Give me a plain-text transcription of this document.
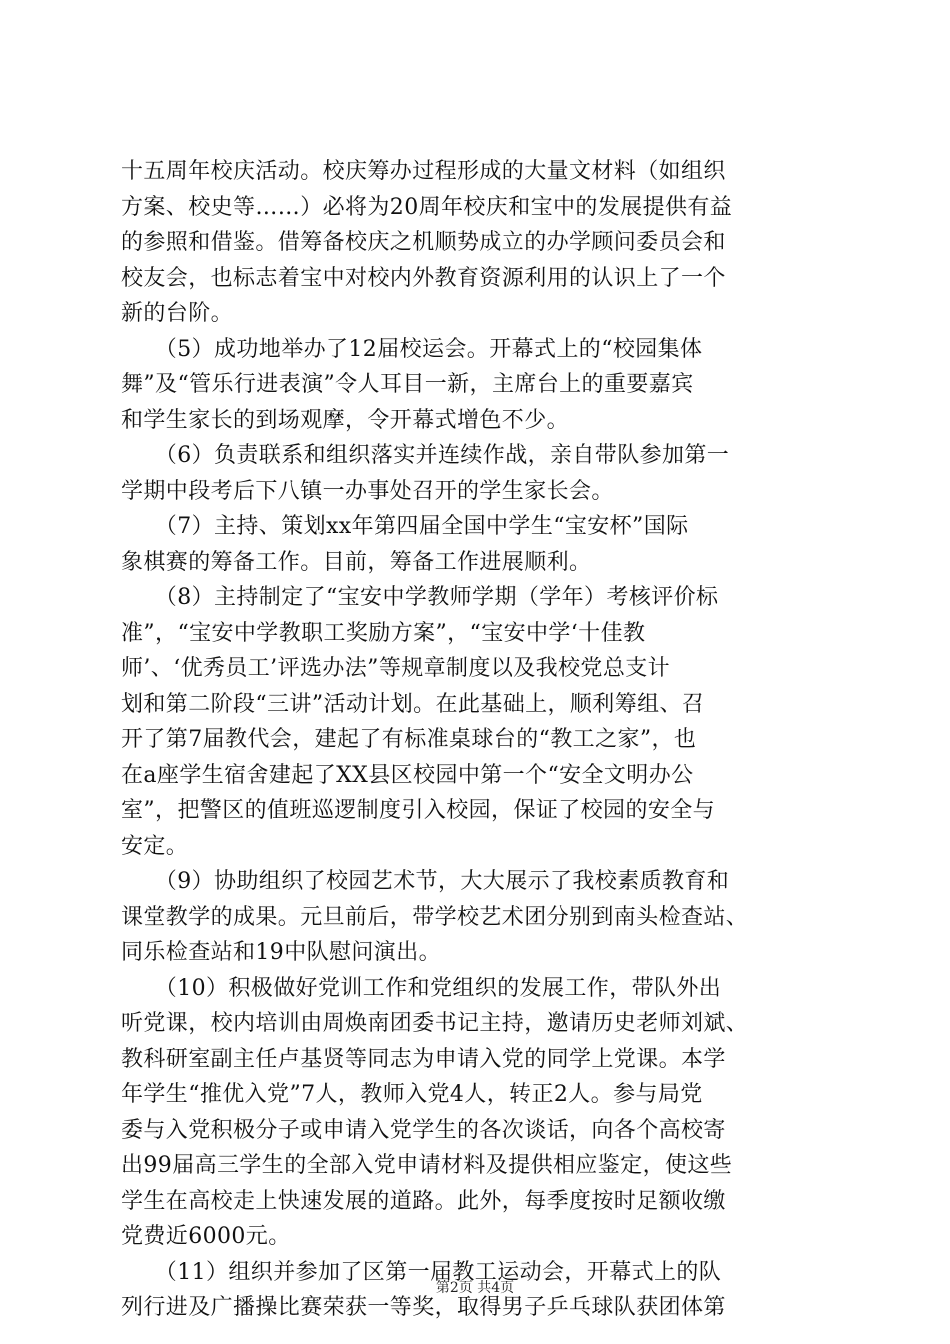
十五周年校庆活动。校庆筹办过程形成的大量文材料（如组织
方案、校史等……）必将为20周年校庆和宝中的发展提供有益
的参照和借鉴。借筹备校庆之机顺势成立的办学顾问委员会和
校友会，也标志着宝中对校内外教育资源利用的认识上了一个
新的台阶。
　　（5）成功地举办了12届校运会。开幕式上的“校园集体
舞”及“管乐行进表演”令人耳目一新，主席台上的重要嘉宾
和学生家长的到场观摩，令开幕式增色不少。
　　（6）负责联系和组织落实并连续作战，亲自带队参加第一
学期中段考后下八镇一办事处召开的学生家长会。
　　（7）主持、策划xx年第四届全国中学生“宝安杯”国际
象棋赛的筹备工作。目前，筹备工作进展顺利。
　　（8）主持制定了“宝安中学教师学期（学年）考核评价标
准”，“宝安中学教职工奖励方案”，“宝安中学‘十佳教
师’、‘优秀员工’评选办法”等规章制度以及我校党总支计
划和第二阶段“三讲”活动计划。在此基础上，顺利筹组、召
开了第7届教代会，建起了有标准桌球台的“教工之家”，也
在a座学生宿舍建起了XX县区校园中第一个“安全文明办公
室”，把警区的值班巡逻制度引入校园，保证了校园的安全与
安定。
　　（9）协助组织了校园艺术节，大大展示了我校素质教育和
课堂教学的成果。元旦前后，带学校艺术团分别到南头检查站、
同乐检查站和19中队慰问演出。
　　（10）积极做好党训工作和党组织的发展工作，带队外出
听党课，校内培训由周焕南团委书记主持，邀请历史老师刘斌、
教科研室副主任卢基贤等同志为申请入党的同学上党课。本学
年学生“推优入党”7人，教师入党4人，转正2人。参与局党
委与入党积极分子或申请入党学生的各次谈话，向各个高校寄
出99届高三学生的全部入党申请材料及提供相应鉴定，使这些
学生在高校走上快速发展的道路。此外，每季度按时足额收缴
党费近6000元。
　　（11）组织并参加了区第一届教工运动会，开幕式上的队
列行进及广播操比赛荣获一等奖，取得男子乒乓球队获团体第
第2页 共4页
